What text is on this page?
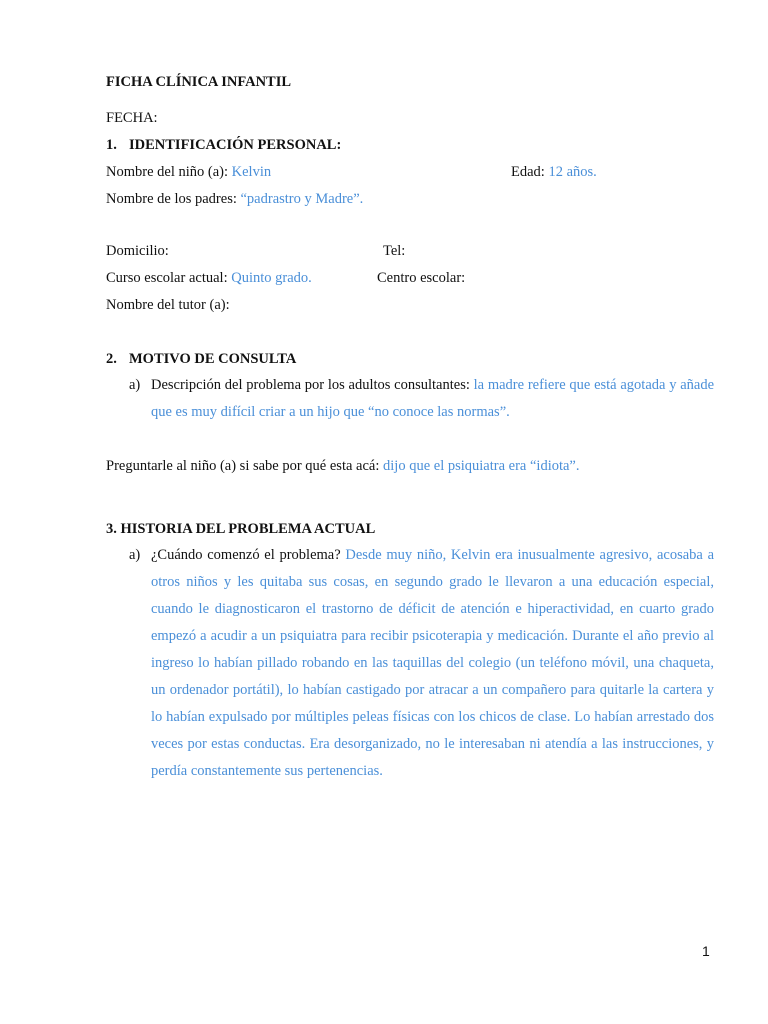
FICHA CLÍNICA INFANTIL
FECHA:
1. IDENTIFICACIÓN PERSONAL:
Nombre del niño (a): Kelvin	Edad: 12 años.
Nombre de los padres: “padrastro y Madre”.
Domicilio:	Tel:
Curso escolar actual: Quinto grado.	Centro escolar:
Nombre del tutor (a):
2. MOTIVO DE CONSULTA
a) Descripción del problema por los adultos consultantes: la madre refiere que está agotada y añade que es muy difícil criar a un hijo que “no conoce las normas”.
Preguntarle al niño (a) si sabe por qué esta acá: dijo que el psiquiatra era “idiota”.
3. HISTORIA DEL PROBLEMA ACTUAL
a) ¿Cuándo comenzó el problema? Desde muy niño, Kelvin era inusualmente agresivo, acosaba a otros niños y les quitaba sus cosas, en segundo grado le llevaron a una educación especial, cuando le diagnosticaron el trastorno de déficit de atención e hiperactividad, en cuarto grado empezó a acudir a un psiquiatra para recibir psicoterapia y medicación. Durante el año previo al ingreso lo habían pillado robando en las taquillas del colegio (un teléfono móvil, una chaqueta, un ordenador portátil), lo habían castigado por atracar a un compañero para quitarle la cartera y lo habían expulsado por múltiples peleas físicas con los chicos de clase. Lo habían arrestado dos veces por estas conductas. Era desorganizado, no le interesaban ni atendía a las instrucciones, y perdía constantemente sus pertenencias.
1
